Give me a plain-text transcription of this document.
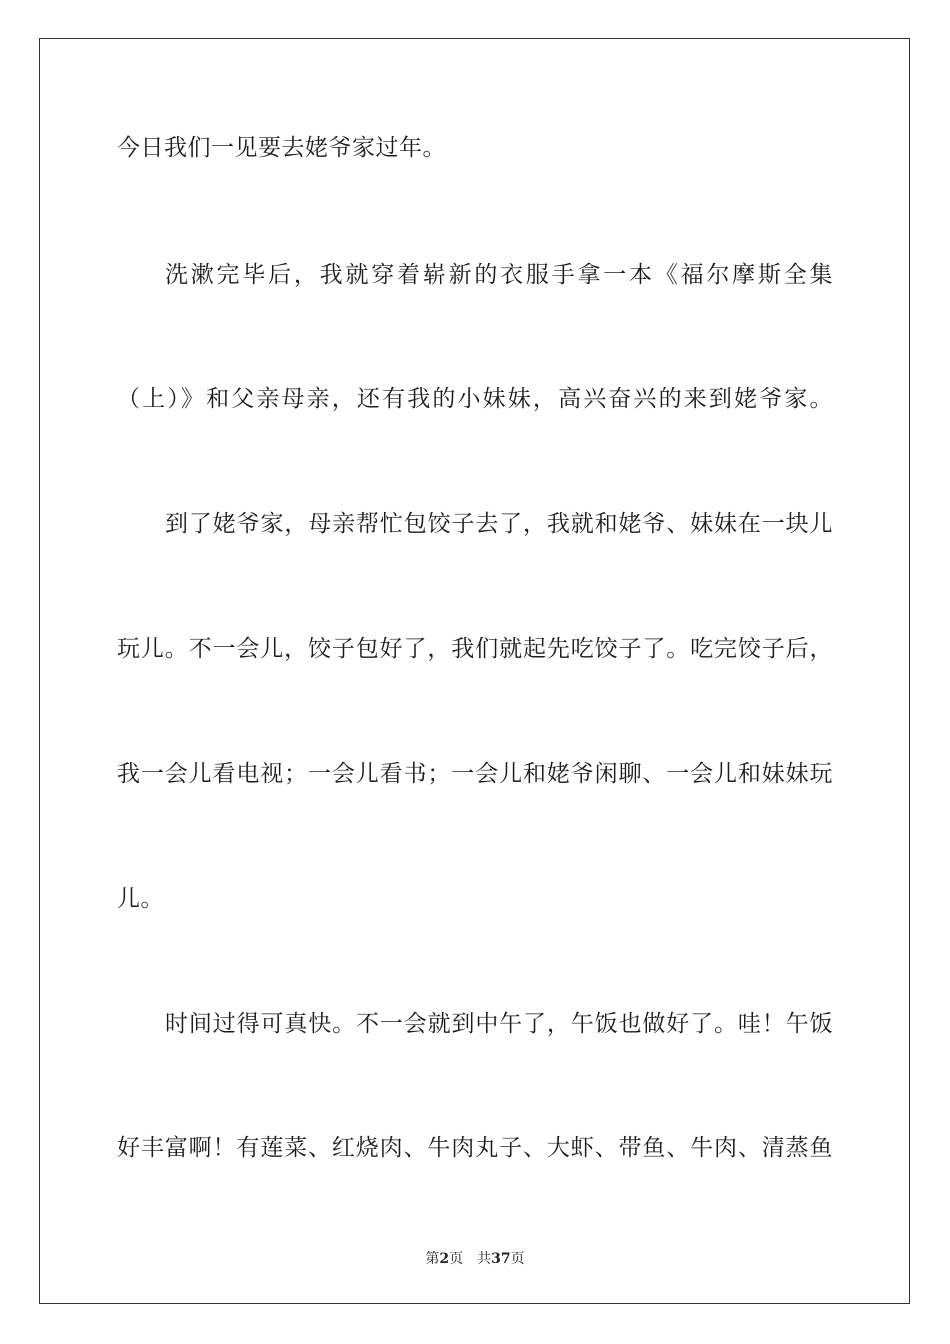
今日我们一见要去姥爷家过年。
洗漱完毕后，我就穿着崭新的衣服手拿一本《福尔摩斯全集
（上）》和父亲母亲，还有我的小妹妹，高兴奋兴的来到姥爷家。
到了姥爷家，母亲帮忙包饺子去了，我就和姥爷、妹妹在一块儿
玩儿。不一会儿，饺子包好了，我们就起先吃饺子了。吃完饺子后，
我一会儿看电视；一会儿看书；一会儿和姥爷闲聊、一会儿和妹妹玩
儿。
时间过得可真快。不一会就到中午了，午饭也做好了。哇！午饭
好丰富啊！有莲菜、红烧肉、牛肉丸子、大虾、带鱼、牛肉、清蒸鱼
第2页 共37页
